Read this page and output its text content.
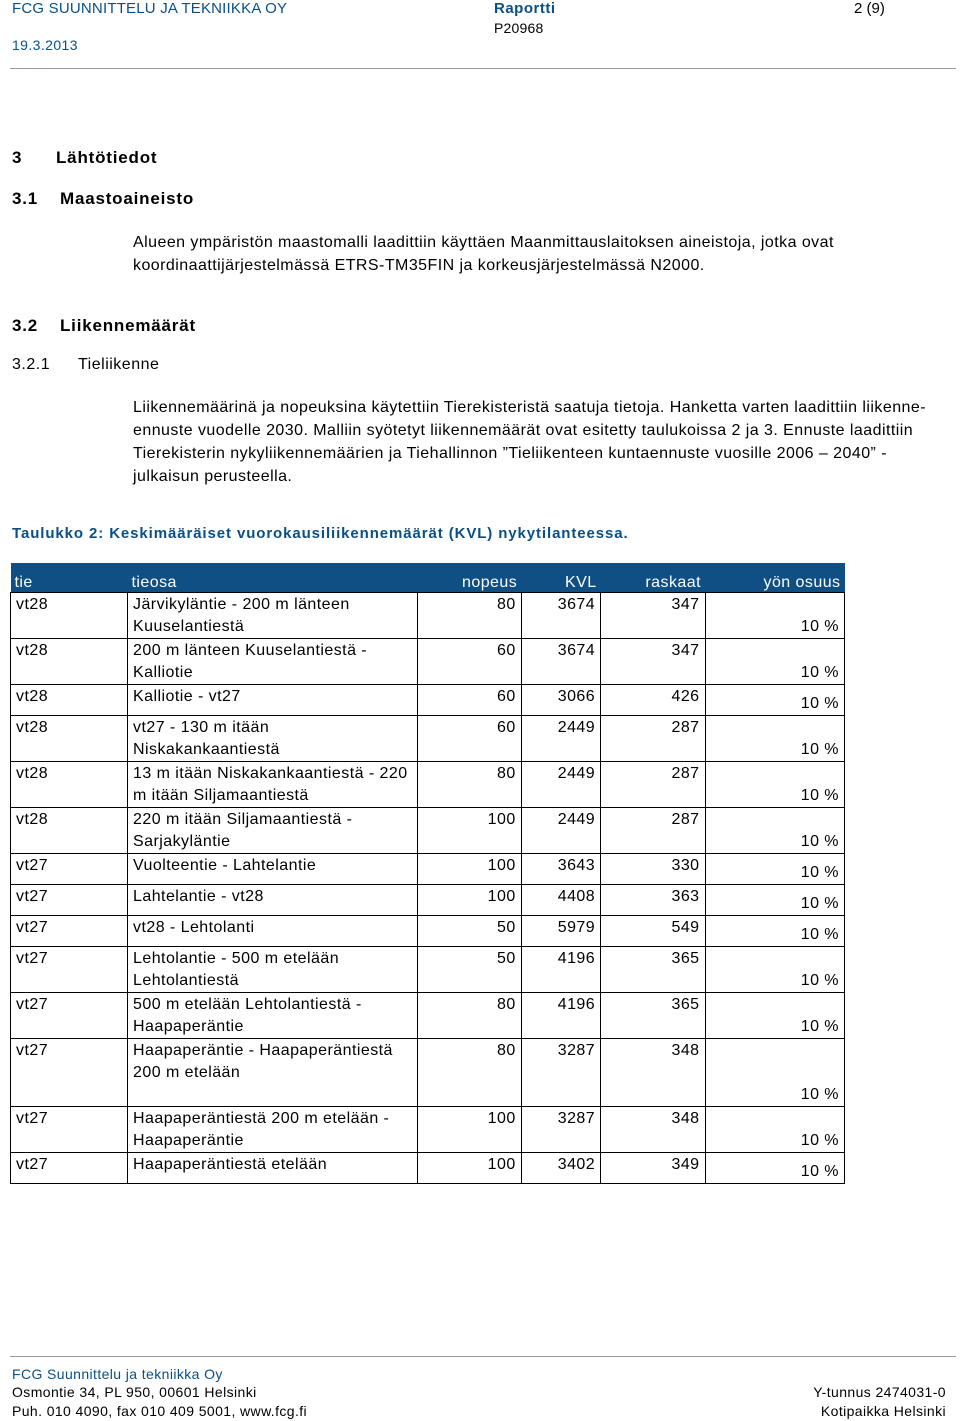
FCG SUUNNITTELU JA TEKNIIKKA OY	Raportti	2 (9)
19.3.2013
P20968
3 Lähtötiedot
3.1 Maastoaineisto

Alueen ympäristön maastomalli laadittiin käyttäen Maanmittauslaitoksen aineistoja, jotka ovat koordinaattijärjestelmässä ETRS-TM35FIN ja korkeusjärjestelmässä N2000.

3.2 Liikennemäärät
3.2.1 Tieliikenne

Liikennemäärinä ja nopeuksina käytettiin Tierekisteristä saatuja tietoja. Hanketta varten laadittiin liikenne-ennuste vuodelle 2030. Malliin syötetyt liikennemäärät ovat esitetty taulukoissa 2 ja 3. Ennuste laadittiin Tierekisterin nykyliikennemäärien ja Tiehallinnon ”Tieliikenteen kuntaennuste vuosille 2006 – 2040” -julkaisun perusteella.

Taulukko 2: Keskimääräiset vuorokausiliikennemäärät (KVL) nykytilanteessa.
tie	tieosa	nopeus	KVL	raskaat	yön osuus
vt28	Järvikyläntie - 200 m länteen Kuuselantiestä	80	3674	347	10 %
vt28	200 m länteen Kuuselantiestä - Kalliotie	60	3674	347	10 %
vt28	Kalliotie - vt27	60	3066	426	10 %
vt28	vt27 - 130 m itään Niskakankaantiestä	60	2449	287	10 %
vt28	13 m itään Niskakankaantiestä - 220 m itään Siljamaantiestä	80	2449	287	10 %
vt28	220 m itään Siljamaantiestä - Sarjakyläntie	100	2449	287	10 %
vt27	Vuolteentie - Lahtelantie	100	3643	330	10 %
vt27	Lahtelantie - vt28	100	4408	363	10 %
vt27	vt28 - Lehtolanti	50	5979	549	10 %
vt27	Lehtolantie - 500 m etelään Lehtolantiestä	50	4196	365	10 %
vt27	500 m etelään Lehtolantiestä - Haapaperäntie	80	4196	365	10 %
vt27	Haapaperäntie - Haapaperäntiestä 200 m etelään	80	3287	348	10 %
vt27	Haapaperäntiestä 200 m etelään - Haapaperäntie	100	3287	348	10 %
vt27	Haapaperäntiestä etelään	100	3402	349	10 %
FCG Suunnittelu ja tekniikka Oy
Osmontie 34, PL 950, 00601 Helsinki
Puh. 010 4090, fax 010 409 5001, www.fcg.fi
Y-tunnus 2474031-0
Kotipaikka Helsinki
